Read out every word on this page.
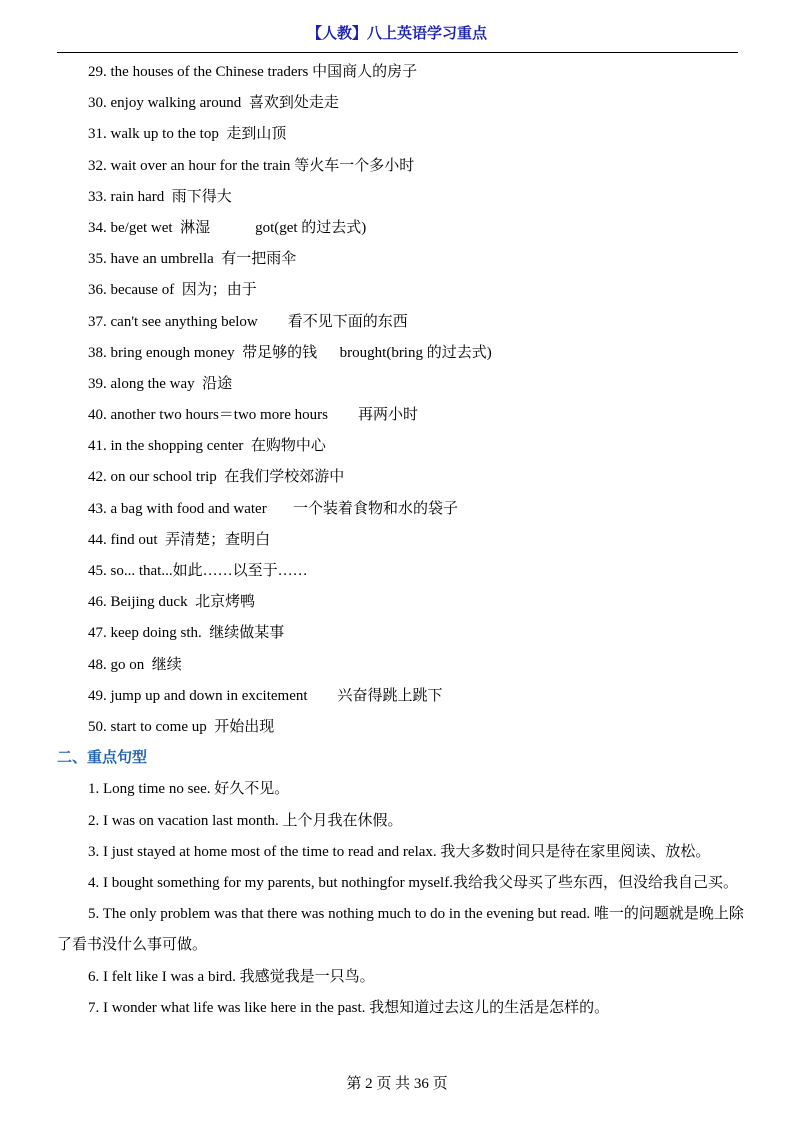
【人教】八上英语学习重点
29. the houses of the Chinese traders 中国商人的房子
30. enjoy walking around  喜欢到处走走
31. walk up to the top  走到山顶
32. wait over an hour for the train 等火车一个多小时
33. rain hard  雨下得大
34. be/get wet  淋湿            got(get 的过去式)
35. have an umbrella  有一把雨伞
36. because of  因为；由于
37. can't see anything below        看不见下面的东西
38. bring enough money  带足够的钱      brought(bring 的过去式)
39. along the way  沿途
40. another two hours＝two more hours        再两小时
41. in the shopping center  在购物中心
42. on our school trip  在我们学校郊游中
43. a bag with food and water       一个装着食物和水的袋子
44. find out  弄清楚；查明白
45. so... that...如此……以至于……
46. Beijing duck  北京烤鸭
47. keep doing sth.  继续做某事
48. go on  继续
49. jump up and down in excitement        兴奋得跳上跳下
50. start to come up  开始出现
二、重点句型
1. Long time no see. 好久不见。
2. I was on vacation last month. 上个月我在休假。
3. I just stayed at home most of the time to read and relax. 我大多数时间只是待在家里阅读、放松。
4. I bought something for my parents, but nothingfor myself.我给我父母买了些东西，但没给我自己买。
5. The only problem was that there was nothing much to do in the evening but read. 唯一的问题就是晚上除了看书没什么事可做。
6. I felt like I was a bird. 我感觉我是一只鸟。
7. I wonder what life was like here in the past. 我想知道过去这儿的生活是怎样的。
第 2 页 共 36 页
